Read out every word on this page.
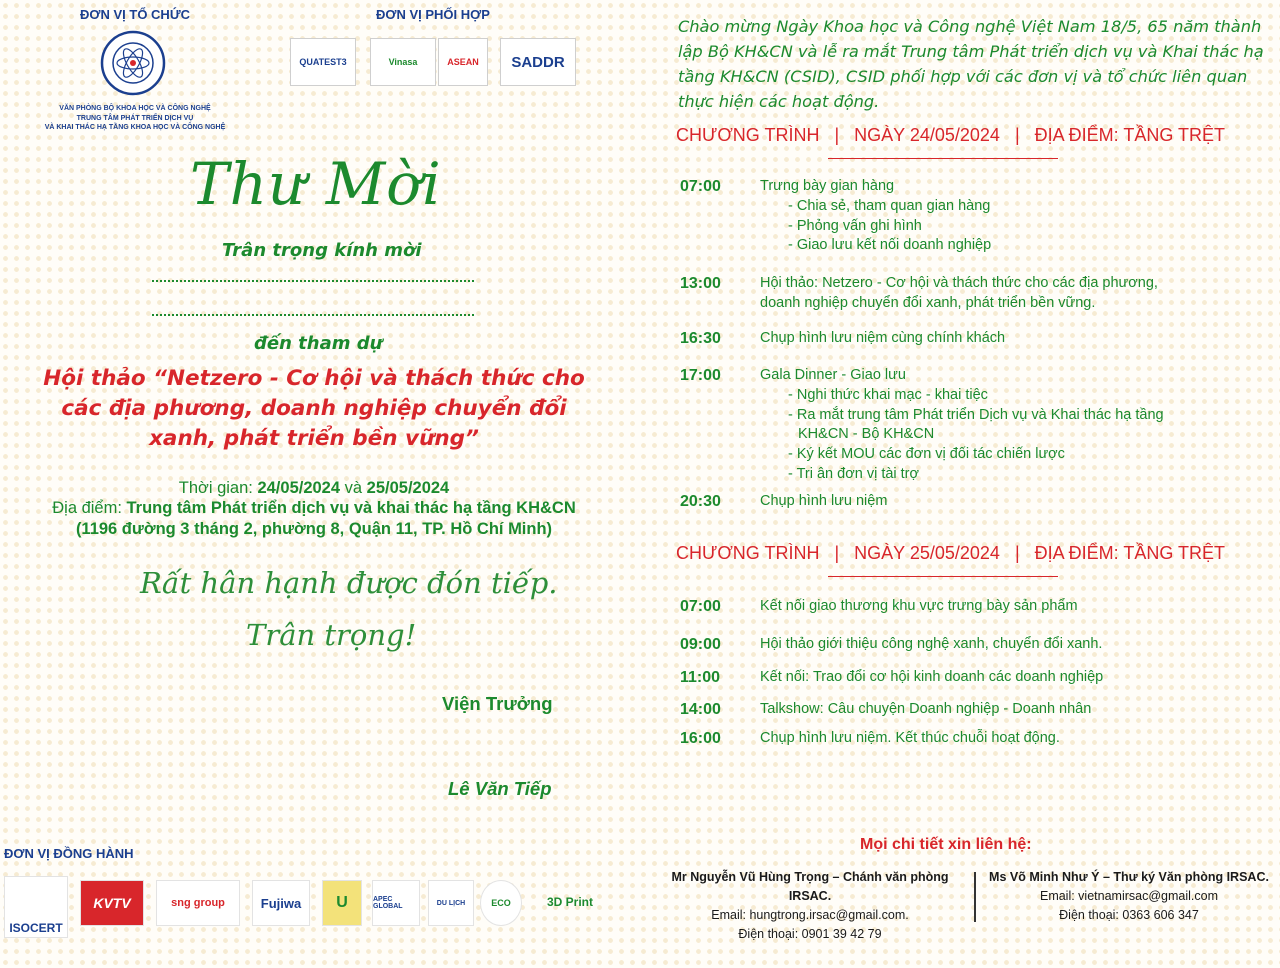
ĐƠN VỊ TỔ CHỨC	ĐƠN VỊ PHỐI HỢP
VĂN PHÒNG BỘ KHOA HỌC VÀ CÔNG NGHỆ
TRUNG TÂM PHÁT TRIỂN DỊCH VỤ
VÀ KHAI THÁC HẠ TẦNG KHOA HỌC VÀ CÔNG NGHỆ
QUATEST3	Vinasa	ASEAN	SADDR
Thư Mời
Trân trọng kính mời
đến tham dự
Hội thảo “Netzero - Cơ hội và thách thức cho các địa phương, doanh nghiệp chuyển đổi xanh, phát triển bền vững”
Thời gian: 24/05/2024 và 25/05/2024
Địa điểm: Trung tâm Phát triển dịch vụ và khai thác hạ tầng KH&CN
(1196 đường 3 tháng 2, phường 8, Quận 11, TP. Hồ Chí Minh)
Rất hân hạnh được đón tiếp.
Trân trọng!
Viện Trưởng
Lê Văn Tiếp
ĐƠN VỊ ĐỒNG HÀNH
ISOCERT
KVTV	sng group	Fujiwa	U	APEC GLOBAL	DU LỊCH	ECO	3D Print
Chào mừng Ngày Khoa học và Công nghệ Việt Nam 18/5, 65 năm thành lập Bộ KH&CN và lễ ra mắt Trung tâm Phát triển dịch vụ và Khai thác hạ tầng KH&CN (CSID), CSID phối hợp với các đơn vị và tổ chức liên quan thực hiện các hoạt động.
CHƯƠNG TRÌNH | NGÀY 24/05/2024 | ĐỊA ĐIỂM: TẦNG TRỆT
07:00	Trưng bày gian hàng
- Chia sẻ, tham quan gian hàng
- Phỏng vấn ghi hình
- Giao lưu kết nối doanh nghiệp
13:00	Hội thảo: Netzero - Cơ hội và thách thức cho các địa phương,
doanh nghiệp chuyển đổi xanh, phát triển bền vững.
16:30	Chụp hình lưu niệm cùng chính khách
17:00	Gala Dinner - Giao lưu
- Nghi thức khai mạc - khai tiệc
- Ra mắt trung tâm Phát triển Dịch vụ và Khai thác hạ tầng
KH&CN - Bộ KH&CN
- Ký kết MOU các đơn vị đối tác chiến lược
- Tri ân đơn vị tài trợ
20:30	Chụp hình lưu niệm
CHƯƠNG TRÌNH | NGÀY 25/05/2024 | ĐỊA ĐIỂM: TẦNG TRỆT
07:00	Kết nối giao thương khu vực trưng bày sản phẩm
09:00	Hội thảo giới thiệu công nghệ xanh, chuyển đổi xanh.
11:00	Kết nối: Trao đổi cơ hội kinh doanh các doanh nghiệp
14:00	Talkshow: Câu chuyện Doanh nghiệp - Doanh nhân
16:00	Chụp hình lưu niệm. Kết thúc chuỗi hoạt động.
Mọi chi tiết xin liên hệ:
Mr Nguyễn Vũ Hùng Trọng – Chánh văn phòng IRSAC.
Email: hungtrong.irsac@gmail.com.
Điện thoại: 0901 39 42 79
Ms Võ Minh Như Ý – Thư ký Văn phòng IRSAC.
Email: vietnamirsac@gmail.com
Điện thoại: 0363 606 347
